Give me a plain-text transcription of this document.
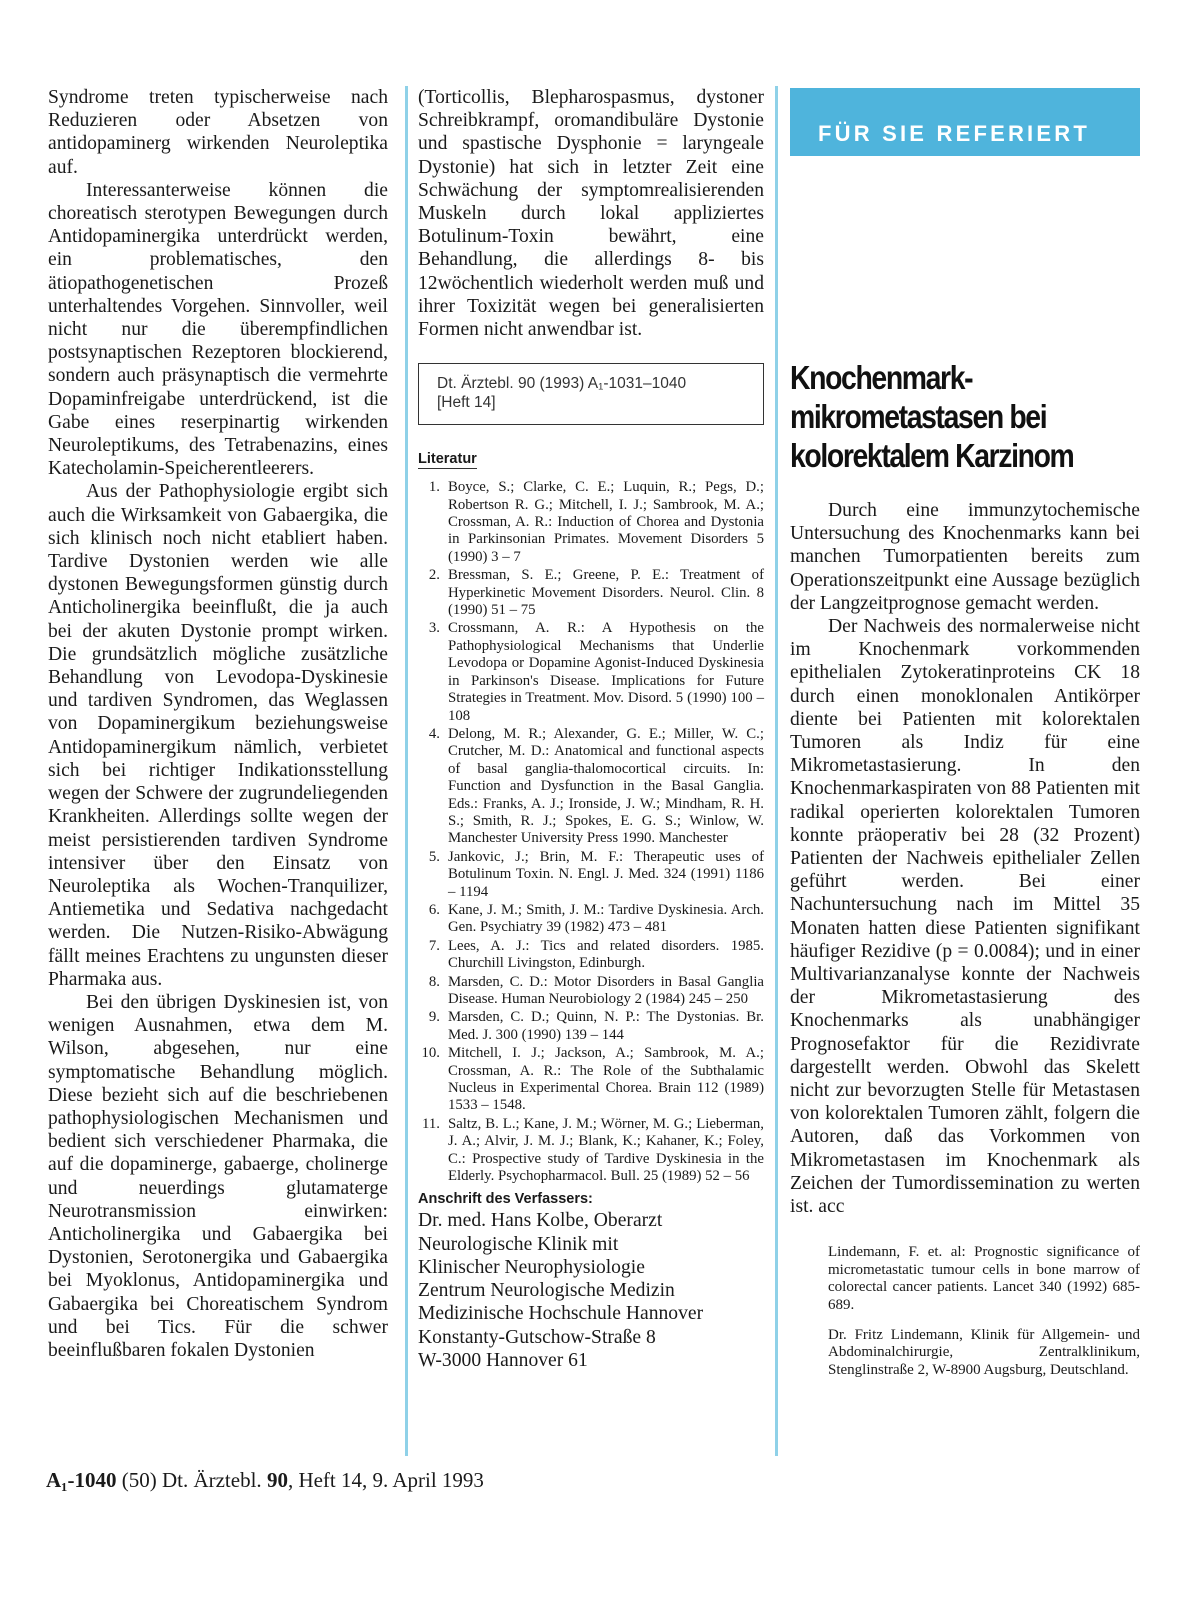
Syndrome treten typischerweise nach Reduzieren oder Absetzen von antidopaminerg wirkenden Neuroleptika auf.

Interessanterweise können die choreatisch sterotypen Bewegungen durch Antidopaminergika unterdrückt werden, ein problematisches, den ätiopathogenetischen Prozeß unterhaltendes Vorgehen. Sinnvoller, weil nicht nur die überempfindlichen postsynaptischen Rezeptoren blockierend, sondern auch präsynaptisch die vermehrte Dopaminfreigabe unterdrückend, ist die Gabe eines reserpinartig wirkenden Neuroleptikums, des Tetrabenazins, eines Katecholamin-Speicherentleerers.

Aus der Pathophysiologie ergibt sich auch die Wirksamkeit von Gabaergika, die sich klinisch noch nicht etabliert haben. Tardive Dystonien werden wie alle dystonen Bewegungsformen günstig durch Anticholinergika beeinflußt, die ja auch bei der akuten Dystonie prompt wirken. Die grundsätzlich mögliche zusätzliche Behandlung von Levodopa-Dyskinesie und tardiven Syndromen, das Weglassen von Dopaminergikum beziehungsweise Antidopaminergikum nämlich, verbietet sich bei richtiger Indikationsstellung wegen der Schwere der zugrundeliegenden Krankheiten. Allerdings sollte wegen der meist persistierenden tardiven Syndrome intensiver über den Einsatz von Neuroleptika als Wochen-Tranquilizer, Antiemetika und Sedativa nachgedacht werden. Die Nutzen-Risiko-Abwägung fällt meines Erachtens zu ungunsten dieser Pharmaka aus.

Bei den übrigen Dyskinesien ist, von wenigen Ausnahmen, etwa dem M. Wilson, abgesehen, nur eine symptomatische Behandlung möglich. Diese bezieht sich auf die beschriebenen pathophysiologischen Mechanismen und bedient sich verschiedener Pharmaka, die auf die dopaminerge, gabaerge, cholinerge und neuerdings glutamaterge Neurotransmission einwirken: Anticholinergika und Gabaergika bei Dystonien, Serotonergika und Gabaergika bei Myoklonus, Antidopaminergika und Gabaergika bei Choreatischem Syndrom und bei Tics. Für die schwer beeinflußbaren fokalen Dystonien

(Torticollis, Blepharospasmus, dystoner Schreibkrampf, oromandibuläre Dystonie und spastische Dysphonie = laryngeale Dystonie) hat sich in letzter Zeit eine Schwächung der symptomrealisierenden Muskeln durch lokal appliziertes Botulinum-Toxin bewährt, eine Behandlung, die allerdings 8- bis 12wöchentlich wiederholt werden muß und ihrer Toxizität wegen bei generalisierten Formen nicht anwendbar ist.

Dt. Ärztebl. 90 (1993) A₁-1031–1040
[Heft 14]
Literatur
1. Boyce, S.; Clarke, C. E.; Luquin, R.; Pegs, D.; Robertson R. G.; Mitchell, I. J.; Sambrook, M. A.; Crossman, A. R.: Induction of Chorea and Dystonia in Parkinsonian Primates. Movement Disorders 5 (1990) 3 – 7
2. Bressman, S. E.; Greene, P. E.: Treatment of Hyperkinetic Movement Disorders. Neurol. Clin. 8 (1990) 51 – 75
3. Crossmann, A. R.: A Hypothesis on the Pathophysiological Mechanisms that Underlie Levodopa or Dopamine Agonist-Induced Dyskinesia in Parkinson's Disease. Implications for Future Strategies in Treatment. Mov. Disord. 5 (1990) 100 – 108
4. Delong, M. R.; Alexander, G. E.; Miller, W. C.; Crutcher, M. D.: Anatomical and functional aspects of basal ganglia-thalomocortical circuits. In: Function and Dysfunction in the Basal Ganglia. Eds.: Franks, A. J.; Ironside, J. W.; Mindham, R. H. S.; Smith, R. J.; Spokes, E. G. S.; Winlow, W. Manchester University Press 1990. Manchester
5. Jankovic, J.; Brin, M. F.: Therapeutic uses of Botulinum Toxin. N. Engl. J. Med. 324 (1991) 1186 – 1194
6. Kane, J. M.; Smith, J. M.: Tardive Dyskinesia. Arch. Gen. Psychiatry 39 (1982) 473 – 481
7. Lees, A. J.: Tics and related disorders. 1985. Churchill Livingston, Edinburgh.
8. Marsden, C. D.: Motor Disorders in Basal Ganglia Disease. Human Neurobiology 2 (1984) 245 – 250
9. Marsden, C. D.; Quinn, N. P.: The Dystonias. Br. Med. J. 300 (1990) 139 – 144
10. Mitchell, I. J.; Jackson, A.; Sambrook, M. A.; Crossman, A. R.: The Role of the Subthalamic Nucleus in Experimental Chorea. Brain 112 (1989) 1533 – 1548.
11. Saltz, B. L.; Kane, J. M.; Wörner, M. G.; Lieberman, J. A.; Alvir, J. M. J.; Blank, K.; Kahaner, K.; Foley, C.: Prospective study of Tardive Dyskinesia in the Elderly. Psychopharmacol. Bull. 25 (1989) 52 – 56
Anschrift des Verfassers:
Dr. med. Hans Kolbe, Oberarzt
Neurologische Klinik mit
Klinischer Neurophysiologie
Zentrum Neurologische Medizin
Medizinische Hochschule Hannover
Konstanty-Gutschow-Straße 8
W-3000 Hannover 61
FÜR SIE REFERIERT
Knochenmark-
mikrometastasen bei
kolorektalem Karzinom

Durch eine immunzytochemische Untersuchung des Knochenmarks kann bei manchen Tumorpatienten bereits zum Operationszeitpunkt eine Aussage bezüglich der Langzeitprognose gemacht werden.

Der Nachweis des normalerweise nicht im Knochenmark vorkommenden epithelialen Zytokeratinproteins CK 18 durch einen monoklonalen Antikörper diente bei Patienten mit kolorektalen Tumoren als Indiz für eine Mikrometastasierung. In den Knochenmarkaspiraten von 88 Patienten mit radikal operierten kolorektalen Tumoren konnte präoperativ bei 28 (32 Prozent) Patienten der Nachweis epithelialer Zellen geführt werden. Bei einer Nachuntersuchung nach im Mittel 35 Monaten hatten diese Patienten signifikant häufiger Rezidive (p = 0.0084); und in einer Multivarianzanalyse konnte der Nachweis der Mikrometastasierung des Knochenmarks als unabhängiger Prognosefaktor für die Rezidivrate dargestellt werden. Obwohl das Skelett nicht zur bevorzugten Stelle für Metastasen von kolorektalen Tumoren zählt, folgern die Autoren, daß das Vorkommen von Mikrometastasen im Knochenmark als Zeichen der Tumordissemination zu werten ist. acc

Lindemann, F. et. al: Prognostic significance of micrometastatic tumour cells in bone marrow of colorectal cancer patients. Lancet 340 (1992) 685-689.

Dr. Fritz Lindemann, Klinik für Allgemein- und Abdominalchirurgie, Zentralklinikum, Stenglinstraße 2, W-8900 Augsburg, Deutschland.

A₁-1040 (50) Dt. Ärztebl. 90, Heft 14, 9. April 1993
